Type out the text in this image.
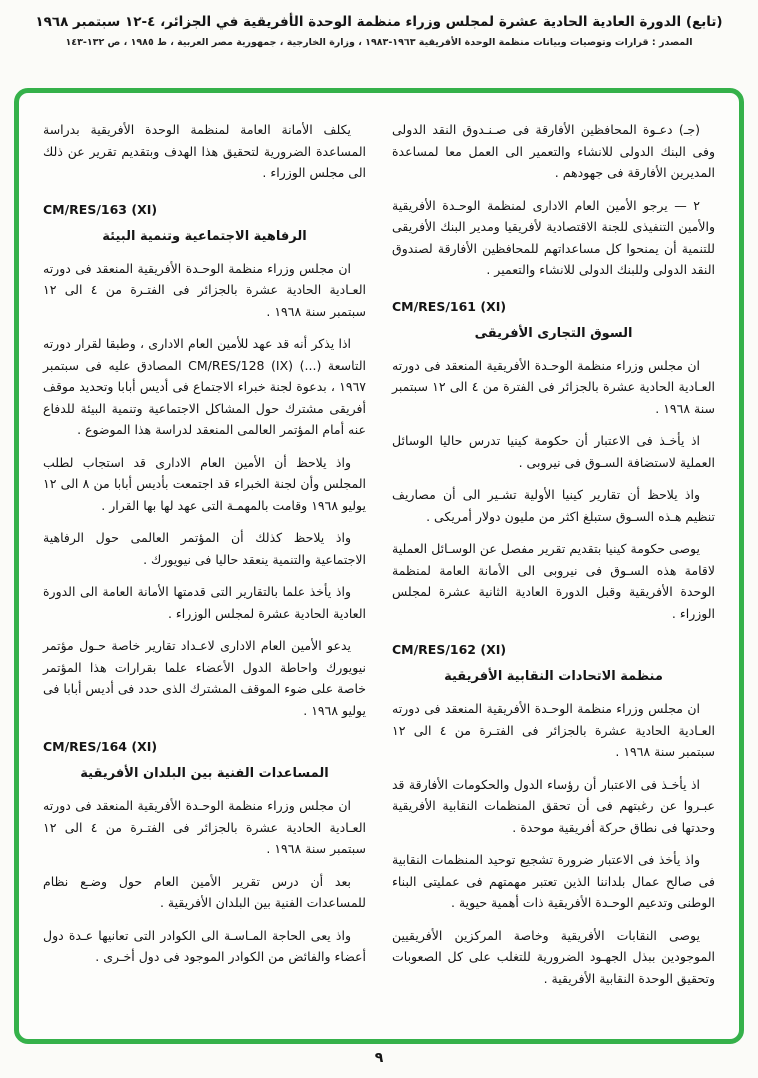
(تابع) الدورة العادية الحادية عشرة لمجلس وزراء منظمة الوحدة الأفريقية في الجزائر، ٤-١٢ سبتمبر ١٩٦٨
المصدر : قرارات وتوصيات وبيانات منظمة الوحدة الأفريقية ١٩٦٣-١٩٨٣ ، وزارة الخارجية ، جمهورية مصر العربية ، ط ١٩٨٥ ، ص ١٣٢-١٤٣

(جـ) دعـوة المحافظين الأفارقة فى صـنـدوق النقد الدولى وفى البنك الدولى للانشاء والتعمير الى العمل معا لمساعدة المديرين الأفارقة فى جهودهم .

٢ — يرجو الأمين العام الادارى لمنظمة الوحـدة الأفريقية والأمين التنفيذى للجنة الاقتصادية لأفريقيا ومدير البنك الأفريقى للتنمية أن يمنحوا كل مساعداتهم للمحافظين الأفارقة لصندوق النقد الدولى وللبنك الدولى للانشاء والتعمير .

CM/RES/161 (XI)

السوق التجارى الأفريقى

ان مجلس وزراء منظمة الوحـدة الأفريقية المنعقد فى دورته العـادية الحادية عشرة بالجزائر فى الفترة من ٤ الى ١٢ سبتمبر سنة ١٩٦٨ .

اذ يأخـذ فى الاعتبار أن حكومة كينيا تدرس حاليا الوسائل العملية لاستضافة السـوق فى نيروبى .

واذ يلاحظ أن تقارير كينيا الأولية تشـير الى أن مصاريف تنظيم هـذه السـوق ستبلغ اكثر من مليون دولار أمريكى .

يوصى حكومة كينيا بتقديم تقرير مفصل عن الوسـائل العملية لاقامة هذه السـوق فى نيروبى الى الأمانة العامة لمنظمة الوحدة الأفريقية وقبل الدورة العادية الثانية عشرة لمجلس الوزراء .

CM/RES/162 (XI)

منظمة الاتحادات النقابية الأفريقية

ان مجلس وزراء منظمة الوحـدة الأفريقية المنعقد فى دورته العـادية الحادية عشرة بالجزائر فى الفتـرة من ٤ الى ١٢ سبتمبر سنة ١٩٦٨ .

اذ يأخـذ فى الاعتبار أن رؤساء الدول والحكومات الأفارقة قد عبـروا عن رغبتهم فى أن تحقق المنظمات النقابية الأفريقية وحدتها فى نطاق حركة أفريقية موحدة .

واذ يأخذ فى الاعتبار ضرورة تشجيع توحيد المنظمات النقابية فى صالح عمال بلداننا الذين تعتبر مهمتهم فى عمليتى البناء الوطنى وتدعيم الوحـدة الأفريقية ذات أهمية حيوية .

يوصى النقابات الأفريقية وخاصة المركزين الأفريقيين الموجودين ببذل الجهـود الضرورية للتغلب على كل الصعوبات وتحقيق الوحدة النقابية الأفريقية .

يكلف الأمانة العامة لمنظمة الوحدة الأفريقية بدراسة المساعدة الضرورية لتحقيق هذا الهدف وبتقديم تقرير عن ذلك الى مجلس الوزراء .

CM/RES/163 (XI)

الرفاهية الاجتماعية وتنمية البيئة

ان مجلس وزراء منظمة الوحـدة الأفريقية المنعقد فى دورته العـادية الحادية عشرة بالجزائر فى الفتـرة من ٤ الى ١٢ سبتمبر سنة ١٩٦٨ .

اذا يذكر أنه قد عهد للأمين العام الادارى ، وطبقا لقرار دورته التاسعة (...) CM/RES/128 (IX) المصادق عليه فى سبتمبر ١٩٦٧ ، بدعوة لجنة خبراء الاجتماع فى أديس أبابا وتحديد موقف أفريقى مشترك حول المشاكل الاجتماعية وتنمية البيئة للدفاع عنه أمام المؤتمر العالمى المنعقد لدراسة هذا الموضوع .

واذ يلاحظ أن الأمين العام الادارى قد استجاب لطلب المجلس وأن لجنة الخبراء قد اجتمعت بأديس أبابا من ٨ الى ١٢ يوليو ١٩٦٨ وقامت بالمهمـة التى عهد لها بها القرار .

واذ يلاحظ كذلك أن المؤتمر العالمى حول الرفاهية الاجتماعية والتنمية ينعقد حاليا فى نيويورك .

واذ يأخذ علما بالتقارير التى قدمتها الأمانة العامة الى الدورة العادية الحادية عشرة لمجلس الوزراء .

يدعو الأمين العام الادارى لاعـداد تقارير خاصة حـول مؤتمر نيويورك واحاطة الدول الأعضاء علما بقرارات هذا المؤتمر خاصة على ضوء الموقف المشترك الذى حدد فى أديس أبابا فى يوليو ١٩٦٨ .

CM/RES/164 (XI)

المساعدات الفنية بين البلدان الأفريقية

ان مجلس وزراء منظمة الوحـدة الأفريقية المنعقد فى دورته العـادية الحادية عشرة بالجزائر فى الفتـرة من ٤ الى ١٢ سبتمبر سنة ١٩٦٨ .

بعد أن درس تقرير الأمين العام حول وضـع نظام للمساعدات الفنية بين البلدان الأفريقية .

واذ يعى الحاجة المـاسـة الى الكوادر التى تعانيها عـدة دول أعضاء والفائض من الكوادر الموجود فى دول أخـرى .

٩
